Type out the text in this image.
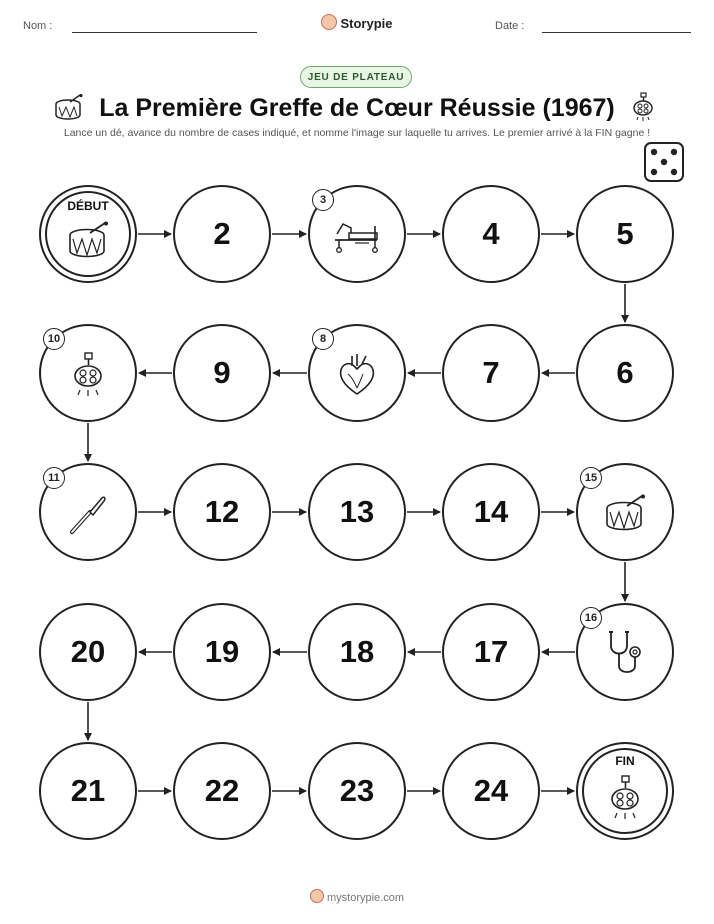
Nom :	Storypie	Date :
JEU DE PLATEAU
La Première Greffe de Cœur Réussie (1967)
Lance un dé, avance du nombre de cases indiqué, et nomme l'image sur laquelle tu arrives. Le premier arrivé à la FIN gagne !
DÉBUT
2
3
4	5
6
7
8
9
10
11
12	13	14
15
16
17
18
19
20
21	22	23	24
FIN
mystorypie.com
